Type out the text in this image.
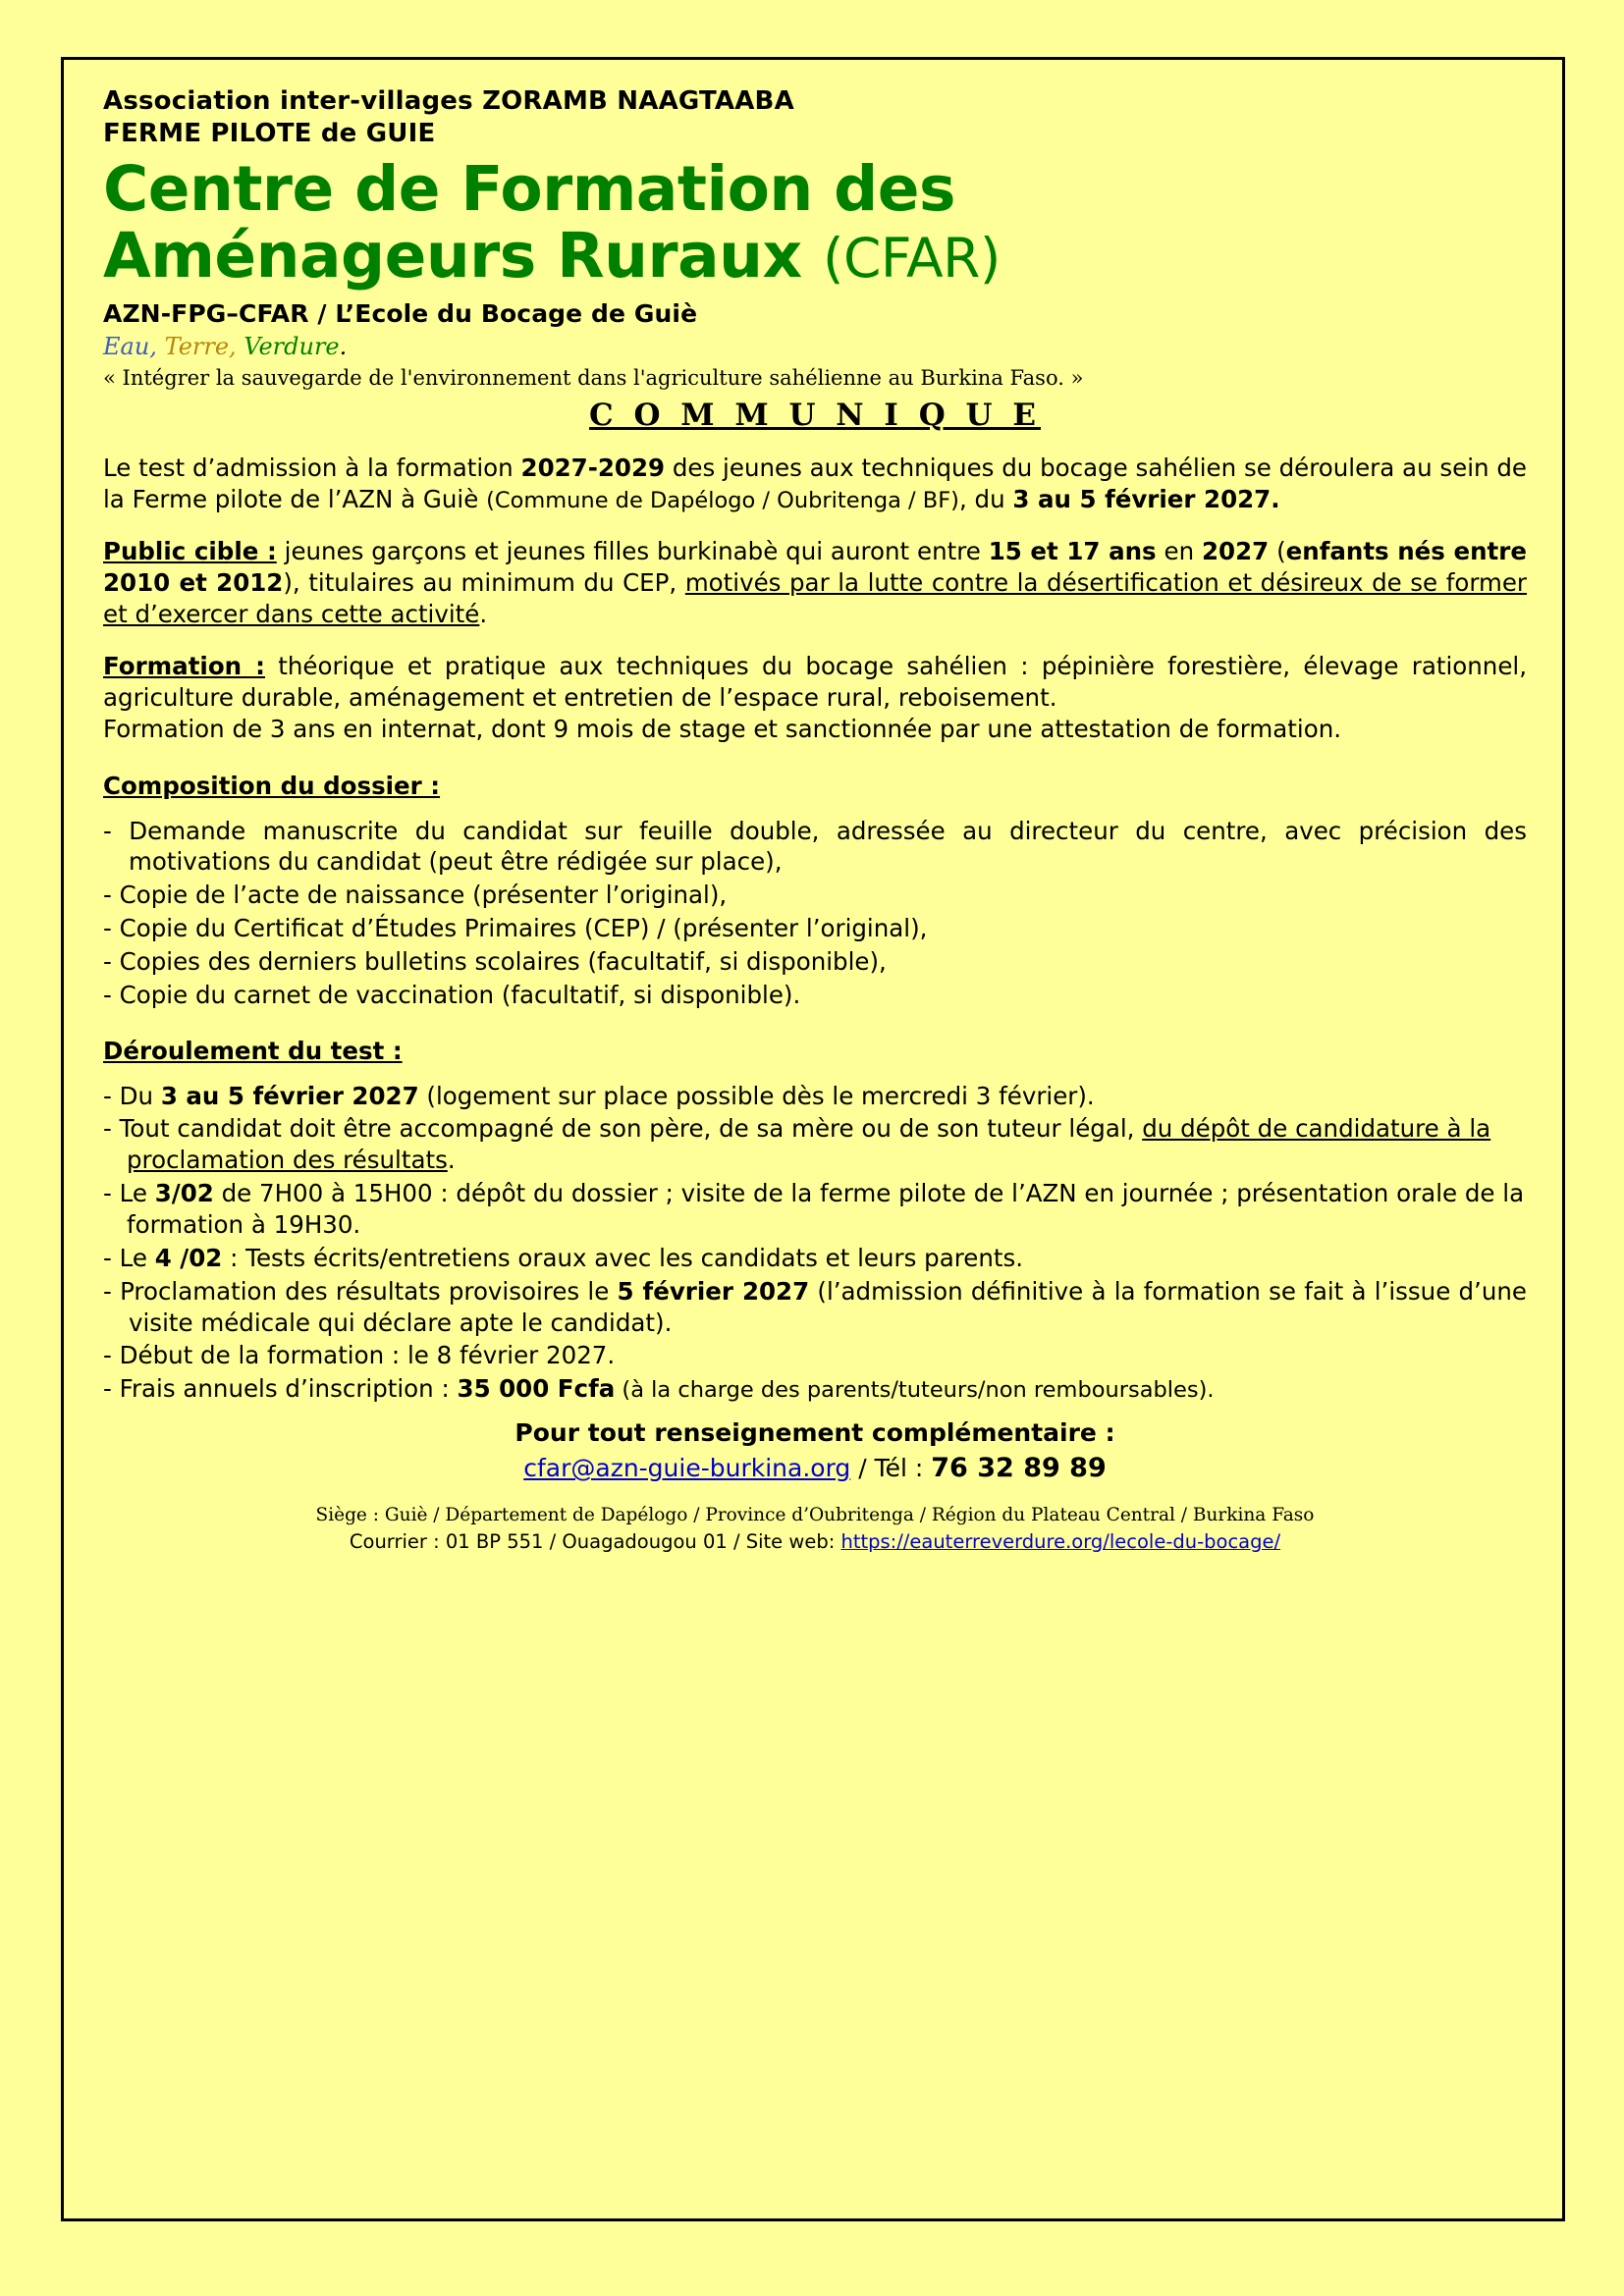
Association inter-villages ZORAMB NAAGTAABA
FERME PILOTE de GUIE
Centre de Formation des
Aménageurs Ruraux (CFAR)
AZN-FPG–CFAR / L’Ecole du Bocage de Guiè
Eau, Terre, Verdure.
« Intégrer la sauvegarde de l'environnement dans l'agriculture sahélienne au Burkina Faso. »
C O M M U N I Q U E

Le test d’admission à la formation 2027-2029 des jeunes aux techniques du bocage sahélien se déroulera au sein de la Ferme pilote de l’AZN à Guiè (Commune de Dapélogo / Oubritenga / BF), du 3 au 5 février 2027.

Public cible : jeunes garçons et jeunes filles burkinabè qui auront entre 15 et 17 ans en 2027 (enfants nés entre 2010 et 2012), titulaires au minimum du CEP, motivés par la lutte contre la désertification et désireux de se former et d’exercer dans cette activité.

Formation : théorique et pratique aux techniques du bocage sahélien : pépinière forestière, élevage rationnel, agriculture durable, aménagement et entretien de l’espace rural, reboisement.

Formation de 3 ans en internat, dont 9 mois de stage et sanctionnée par une attestation de formation.

Composition du dossier :
- Demande manuscrite du candidat sur feuille double, adressée au directeur du centre, avec précision des motivations du candidat (peut être rédigée sur place),
- Copie de l’acte de naissance (présenter l’original),
- Copie du Certificat d’Études Primaires (CEP) / (présenter l’original),
- Copies des derniers bulletins scolaires (facultatif, si disponible),
- Copie du carnet de vaccination (facultatif, si disponible).
Déroulement du test :
- Du 3 au 5 février 2027 (logement sur place possible dès le mercredi 3 février).
- Tout candidat doit être accompagné de son père, de sa mère ou de son tuteur légal, du dépôt de candidature à la proclamation des résultats.
- Le 3/02 de 7H00 à 15H00 : dépôt du dossier ; visite de la ferme pilote de l’AZN en journée ; présentation orale de la formation à 19H30.
- Le 4 /02 : Tests écrits/entretiens oraux avec les candidats et leurs parents.
- Proclamation des résultats provisoires le 5 février 2027 (l’admission définitive à la formation se fait à l’issue d’une visite médicale qui déclare apte le candidat).
- Début de la formation : le 8 février 2027.
- Frais annuels d’inscription : 35 000 Fcfa (à la charge des parents/tuteurs/non remboursables).
Pour tout renseignement complémentaire :
cfar@azn-guie-burkina.org / Tél : 76 32 89 89
Siège : Guiè / Département de Dapélogo / Province d’Oubritenga / Région du Plateau Central / Burkina Faso
Courrier : 01 BP 551 / Ouagadougou 01 / Site web: https://eauterreverdure.org/lecole-du-bocage/
